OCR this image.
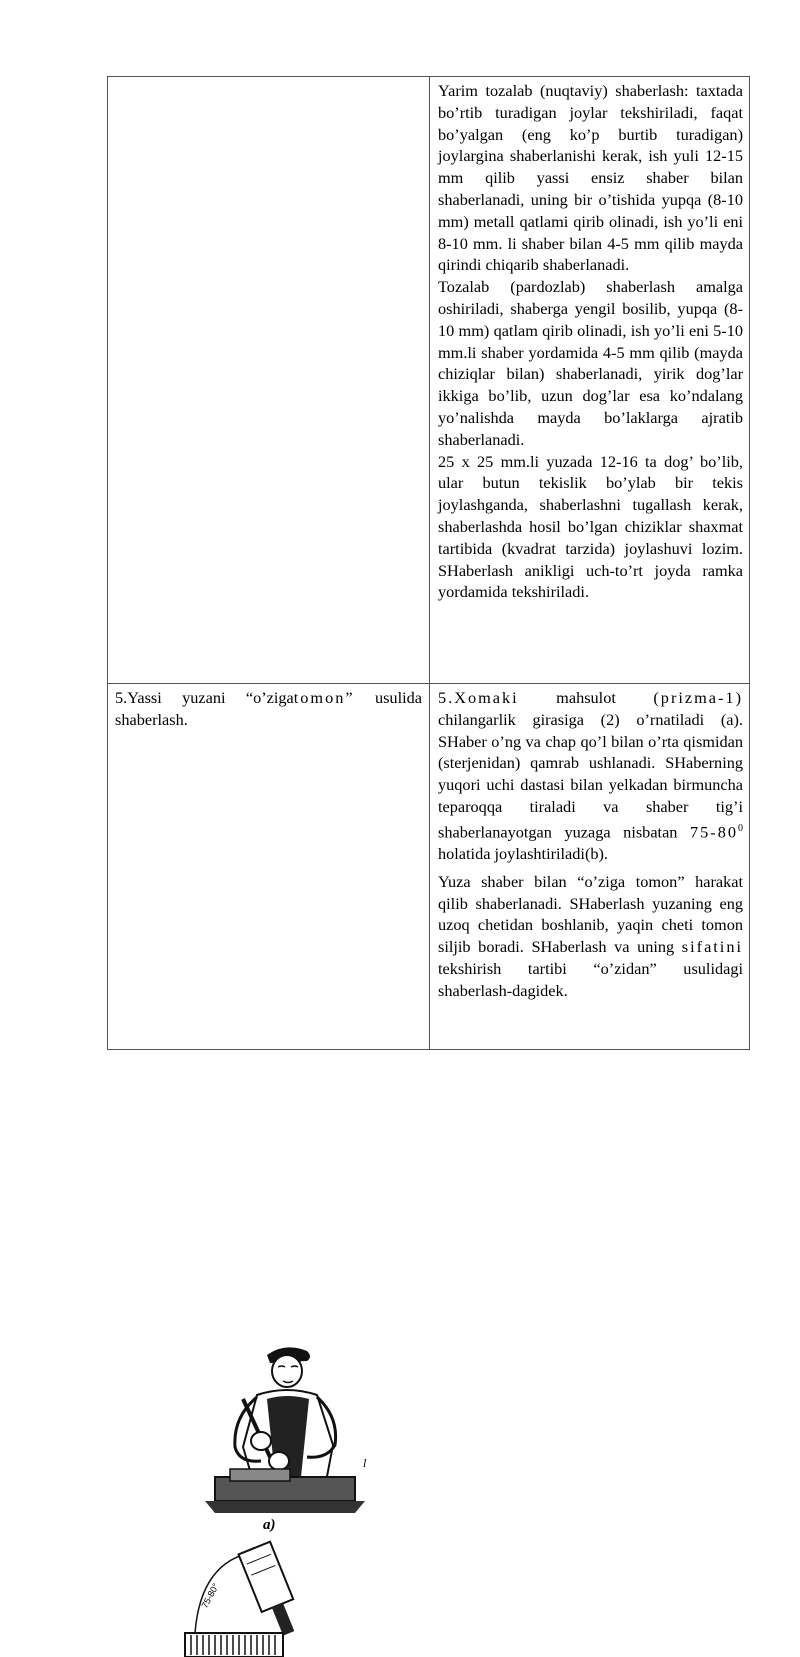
Yarim tozalab (nuqtaviy) shaberlash: taxtada bo’rtib turadigan joylar tekshiriladi, faqat bo’yalgan (eng ko’p burtib turadigan) joylargina shaberlanishi kerak, ish yuli 12-15 mm qilib yassi ensiz shaber bilan shaberlanadi, uning bir o’tishida yupqa (8-10 mm) metall qatlami qirib olinadi, ish yo’li eni 8-10 mm. li shaber bilan 4-5 mm qilib mayda qirindi chiqarib shaberlanadi.

Tozalab (pardozlab) shaberlash amalga oshiriladi, shaberga yengil bosilib, yupqa (8-10 mm) qatlam qirib olinadi, ish yo’li eni 5-10 mm.li shaber yordamida 4-5 mm qilib (mayda chiziqlar bilan) shaberlanadi, yirik dog’lar ikkiga bo’lib, uzun dog’lar esa ko’ndalang yo’nalishda mayda bo’laklarga ajratib shaberlanadi.

25 x 25 mm.li yuzada 12-16 ta dog’ bo’lib, ular butun tekislik bo’ylab bir tekis joylashganda, shaberlashni tugallash kerak, shaberlashda hosil bo’lgan chiziklar shaxmat tartibida (kvadrat tarzida) joylashuvi lozim. SHaberlash anikligi uch-to’rt joyda ramka yordamida tekshiriladi.

5.Yassi yuzani “o’zigatomon” usulida shaberlash.

l
a)
75-80°

5.Xomaki mahsulot (prizma-1) chilangarlik girasiga (2) o’rnatiladi (a). SHaber o’ng va chap qo’l bilan o’rta qismidan (sterjenidan) qamrab ushlanadi. SHaberning yuqori uchi dastasi bilan yelkadan birmuncha teparoqqa tiraladi va shaber tig’i shaberlanayotgan yuzaga nisbatan $75-80^0$ holatida joylashtiriladi(b).

Yuza shaber bilan “o’ziga tomon” harakat qilib shaberlanadi. SHaberlash yuzaning eng uzoq chetidan boshlanib, yaqin cheti tomon siljib boradi. SHaberlash va uning sifatini tekshirish tartibi “o’zidan” usulidagi shaberlash-dagidek.
